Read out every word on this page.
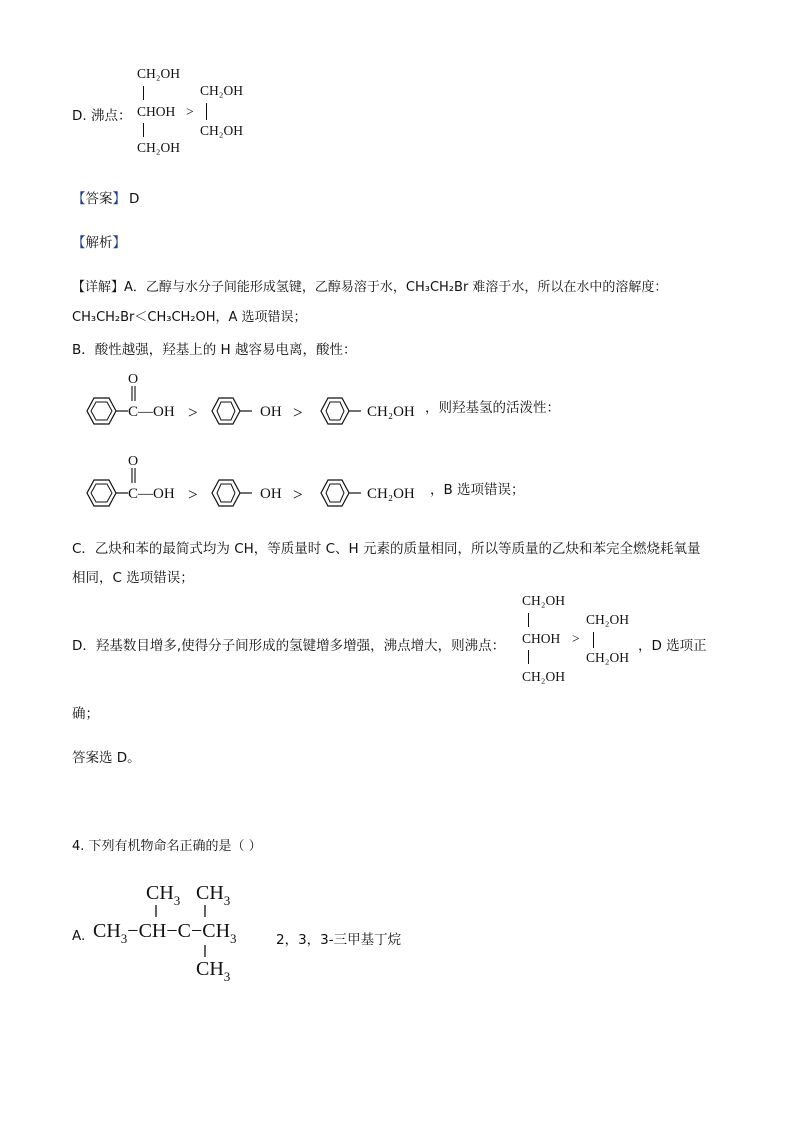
D. 沸点：
CH₂OH
CHOH
CH₂OH
>
CH₂OH
CH₂OH
【答案】 D
【解析】
【详解】A．乙醇与水分子间能形成氢键，乙醇易溶于水，CH₃CH₂Br 难溶于水，所以在水中的溶解度：
CH₃CH₂Br＜CH₃CH₂OH，A 选项错误；
B．酸性越强，羟基上的 H 越容易电离，酸性：
O
C—OH >	OH >	CH₂OH ，则羟基氢的活泼性：
O
C—OH >	OH >	CH₂OH ，B 选项错误；
C．乙炔和苯的最简式均为 CH，等质量时 C、H 元素的质量相同，所以等质量的乙炔和苯完全燃烧耗氧量
相同，C 选项错误；
D．羟基数目增多,使得分子间形成的氢键增多增强，沸点增大，则沸点：
CH₂OH
CHOH
CH₂OH
>
CH₂OH
CH₂OH
，D 选项正
确；
答案选 D。
4. 下列有机物命名正确的是（ ）
A.
$CH_3$ $CH_3$
$CH_3-CH-C-CH_3$
$CH_3$
2，3，3-三甲基丁烷
